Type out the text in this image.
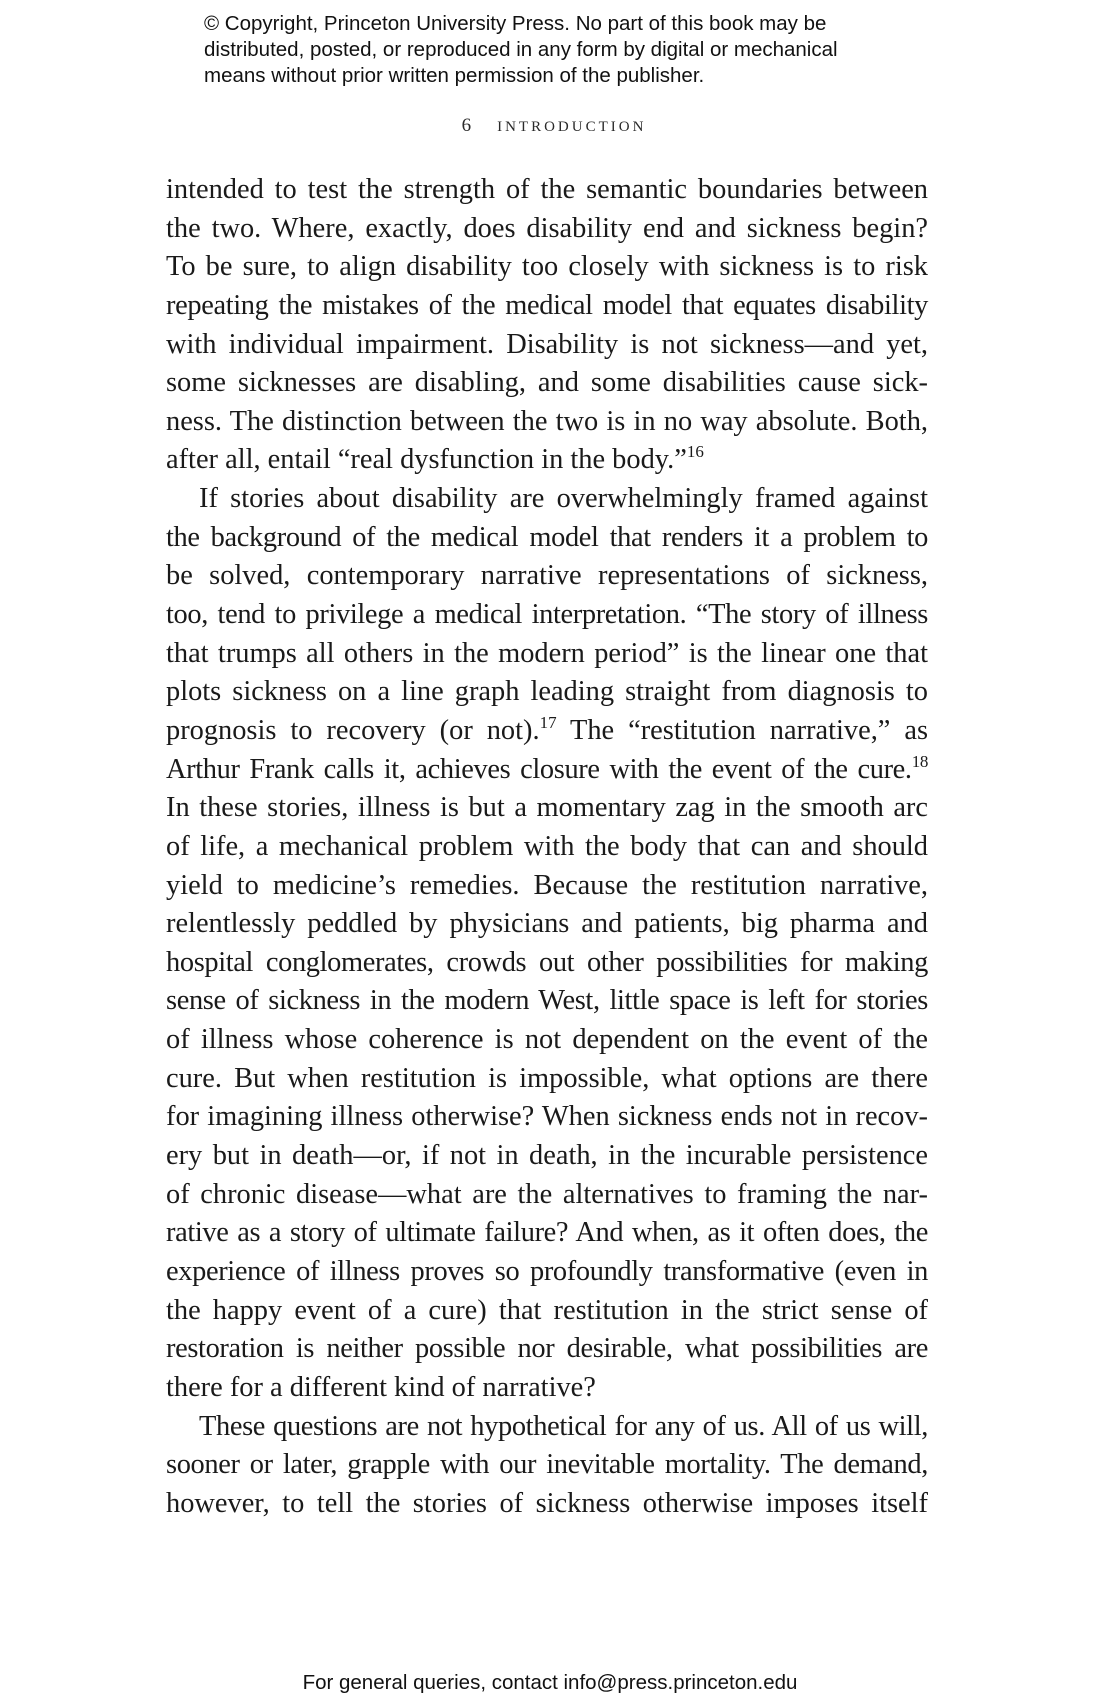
© Copyright, Princeton University Press. No part of this book may be
distributed, posted, or reproduced in any form by digital or mechanical
means without prior written permission of the publisher.
6 introduction
intended to test the strength of the semantic boundaries between
the two. Where, exactly, does disability end and sickness begin?
To be sure, to align disability too closely with sickness is to risk
repeating the mistakes of the medical model that equates disability
with individual impairment. Disability is not sickness—and yet,
some sicknesses are disabling, and some disabilities cause sick-
ness. The distinction between the two is in no way absolute. Both,
after all, entail “real dysfunction in the body.”$^{16}$
If stories about disability are overwhelmingly framed against
the background of the medical model that renders it a problem to
be solved, contemporary narrative representations of sickness,
too, tend to privilege a medical interpretation. “The story of illness
that trumps all others in the modern period” is the linear one that
plots sickness on a line graph leading straight from diagnosis to
prognosis to recovery (or not).$^{17}$ The “restitution narrative,” as
Arthur Frank calls it, achieves closure with the event of the cure.$^{18}$
In these stories, illness is but a momentary zag in the smooth arc
of life, a mechanical problem with the body that can and should
yield to medicine’s remedies. Because the restitution narrative,
relentlessly peddled by physicians and patients, big pharma and
hospital conglomerates, crowds out other possibilities for making
sense of sickness in the modern West, little space is left for stories
of illness whose coherence is not dependent on the event of the
cure. But when restitution is impossible, what options are there
for imagining illness otherwise? When sickness ends not in recov-
ery but in death—or, if not in death, in the incurable persistence
of chronic disease—what are the alternatives to framing the nar-
rative as a story of ultimate failure? And when, as it often does, the
experience of illness proves so profoundly transformative (even in
the happy event of a cure) that restitution in the strict sense of
restoration is neither possible nor desirable, what possibilities are
there for a different kind of narrative?
These questions are not hypothetical for any of us. All of us will,
sooner or later, grapple with our inevitable mortality. The demand,
however, to tell the stories of sickness otherwise imposes itself
For general queries, contact info@press.princeton.edu
